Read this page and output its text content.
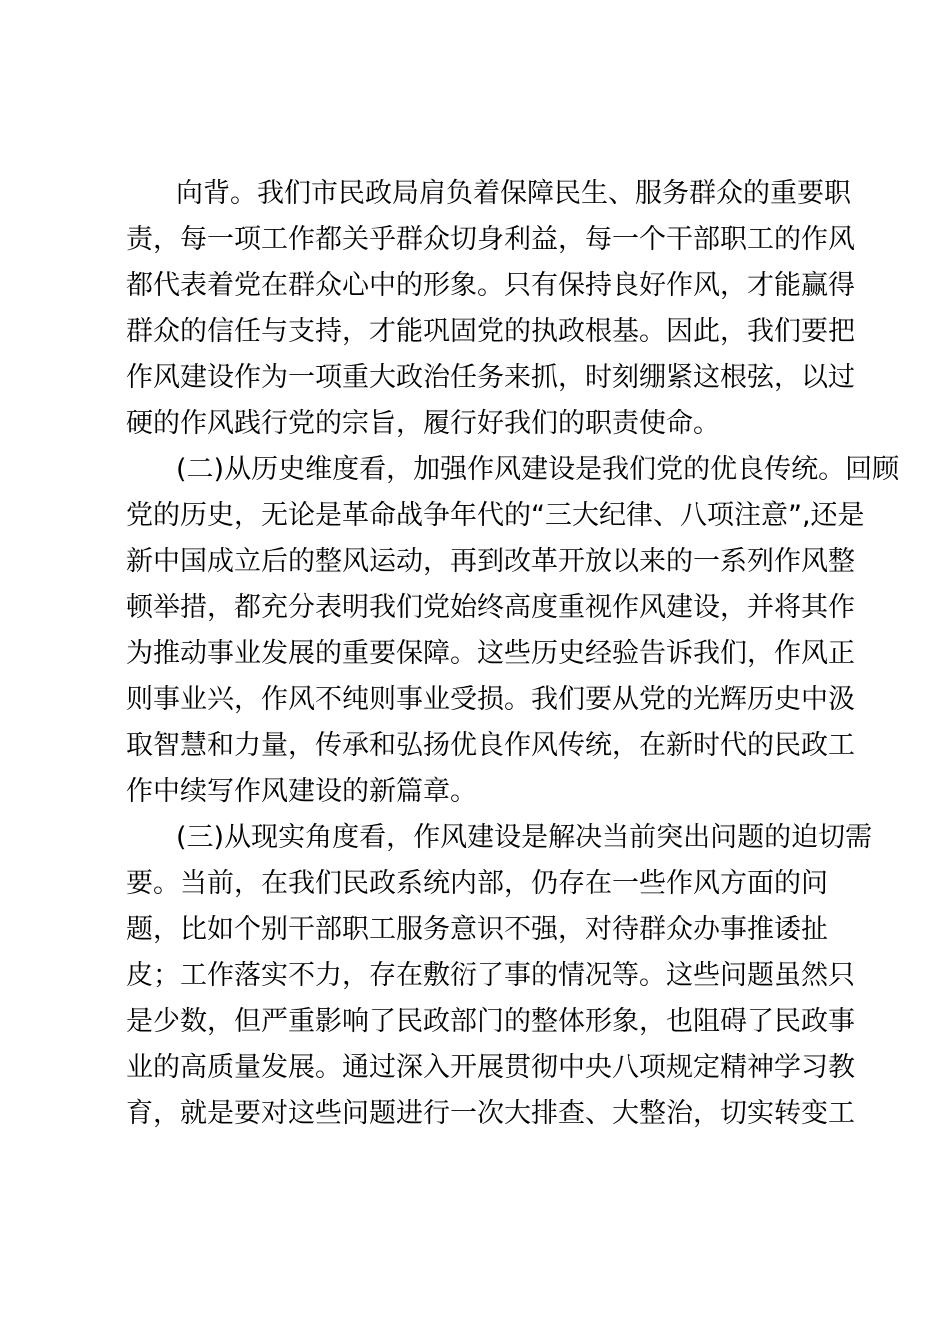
向背。我们市民政局肩负着保障民生、服务群众的重要职
责，每一项工作都关乎群众切身利益，每一个干部职工的作风
都代表着党在群众心中的形象。只有保持良好作风，才能赢得
群众的信任与支持，才能巩固党的执政根基。因此，我们要把
作风建设作为一项重大政治任务来抓，时刻绷紧这根弦，以过
硬的作风践行党的宗旨，履行好我们的职责使命。
(二)从历史维度看，加强作风建设是我们党的优良传统。回顾
党的历史，无论是革命战争年代的“三大纪律、八项注意”,还是
新中国成立后的整风运动，再到改革开放以来的一系列作风整
顿举措，都充分表明我们党始终高度重视作风建设，并将其作
为推动事业发展的重要保障。这些历史经验告诉我们，作风正
则事业兴，作风不纯则事业受损。我们要从党的光辉历史中汲
取智慧和力量，传承和弘扬优良作风传统，在新时代的民政工
作中续写作风建设的新篇章。
(三)从现实角度看，作风建设是解决当前突出问题的迫切需
要。当前，在我们民政系统内部，仍存在一些作风方面的问
题，比如个别干部职工服务意识不强，对待群众办事推诿扯
皮；工作落实不力，存在敷衍了事的情况等。这些问题虽然只
是少数，但严重影响了民政部门的整体形象，也阻碍了民政事
业的高质量发展。通过深入开展贯彻中央八项规定精神学习教
育，就是要对这些问题进行一次大排查、大整治，切实转变工
